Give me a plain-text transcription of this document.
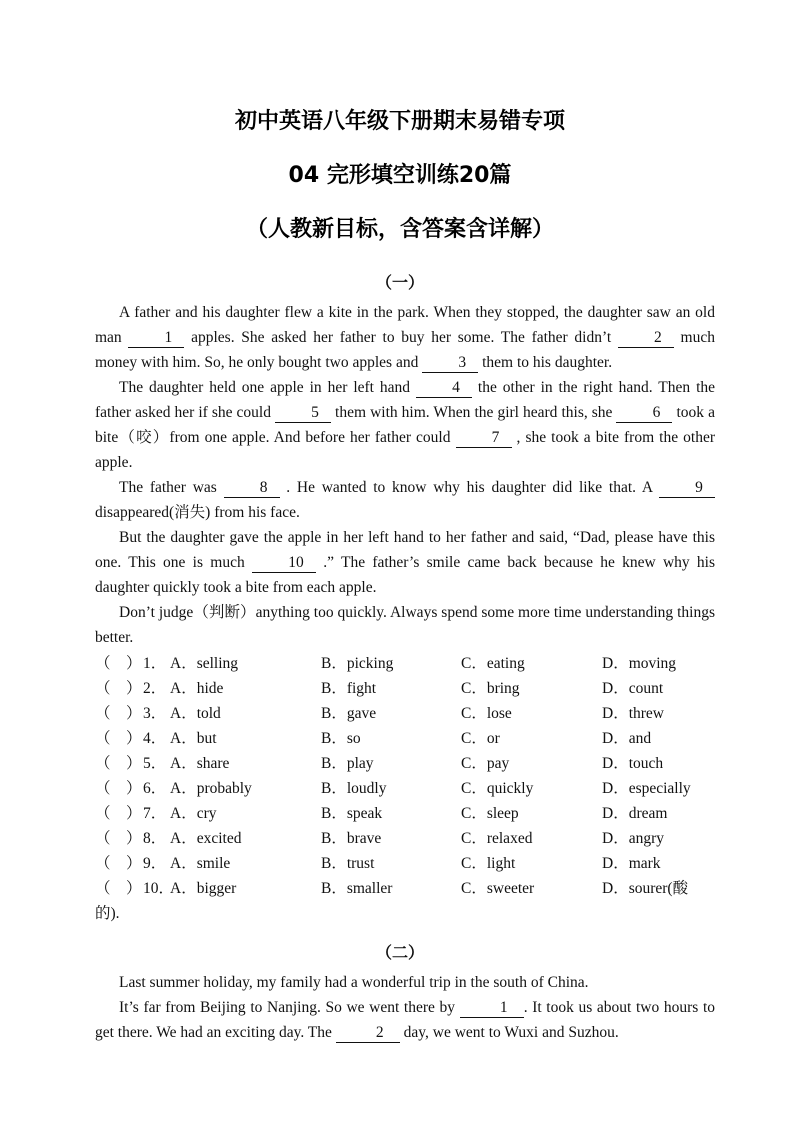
初中英语八年级下册期末易错专项
04 完形填空训练20篇
（人教新目标，含答案含详解）
（一）

A father and his daughter flew a kite in the park. When they stopped, the daughter saw an old man 1 apples. She asked her father to buy her some. The father didn’t 2 much money with him. So, he only bought two apples and 3 them to his daughter.

The daughter held one apple in her left hand 4 the other in the right hand. Then the father asked her if she could 5 them with him. When the girl heard this, she 6 took a bite（咬）from one apple. And before her father could 7 , she took a bite from the other apple.

The father was 8 . He wanted to know why his daughter did like that. A 9 disappeared(消失) from his face.

But the daughter gave the apple in her left hand to her father and said, “Dad, please have this one. This one is much 10 .” The father’s smile came back because he knew why his daughter quickly took a bite from each apple.

Don’t judge（判断）anything too quickly. Always spend some more time understanding things better.

（　） 1． A．selling	B．picking	C．eating	D．moving
（　） 2． A．hide	B．fight	C．bring	D．count
（　） 3． A．told	B．gave	C．lose	D．threw
（　） 4． A．but	B．so	C．or	D．and
（　） 5． A．share	B．play	C．pay	D．touch
（　） 6． A．probably	B．loudly	C．quickly	D．especially
（　） 7． A．cry	B．speak	C．sleep	D．dream
（　） 8． A．excited	B．brave	C．relaxed	D．angry
（　） 9． A．smile	B．trust	C．light	D．mark
（　） 10．
A．bigger	B．smaller	C．sweeter	D．sourer(酸
的).
（二）

Last summer holiday, my family had a wonderful trip in the south of China.

It’s far from Beijing to Nanjing. So we went there by	1 . It took us about two hours to get there. We had an exciting day. The	2 day, we went to Wuxi and Suzhou.
